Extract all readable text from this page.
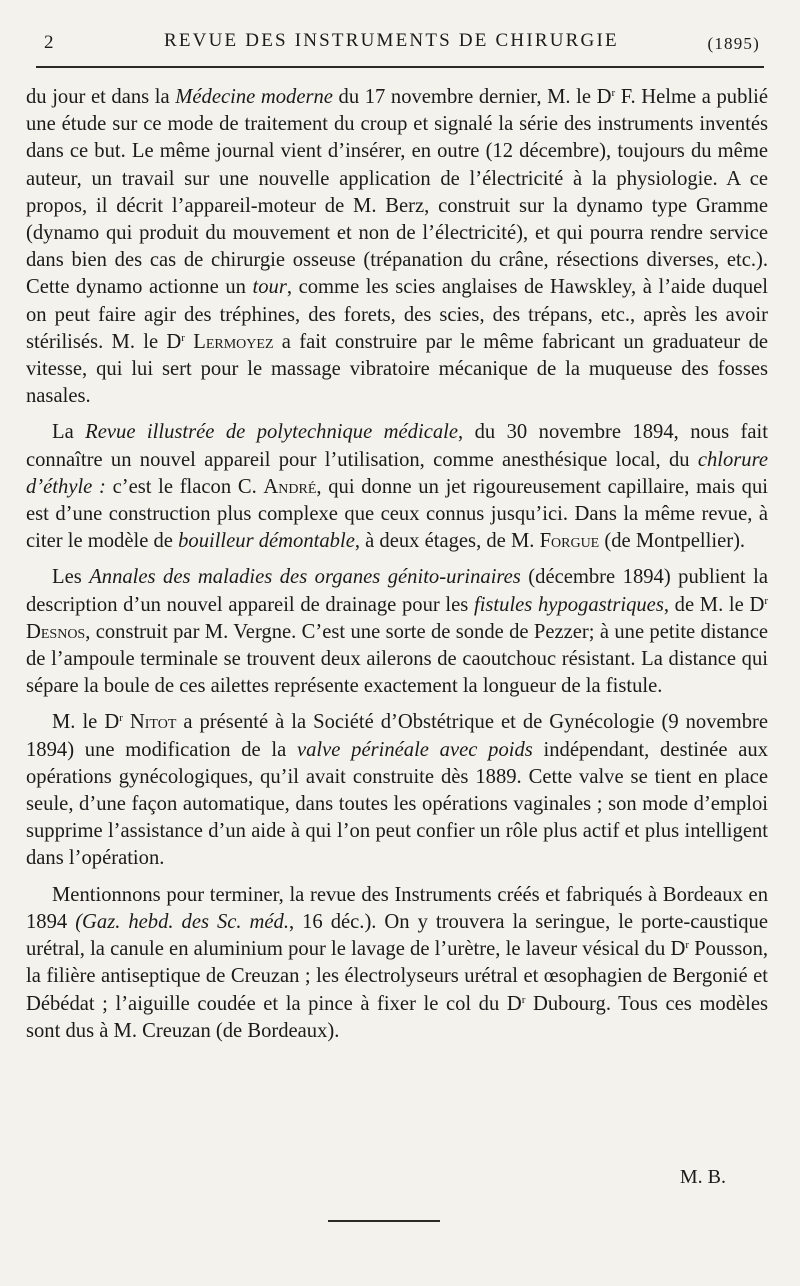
2	REVUE DES INSTRUMENTS DE CHIRURGIE	(1895)

du jour et dans la Médecine moderne du 17 novembre dernier, M. le $D^r$ F. Helme a publié une étude sur ce mode de traitement du croup et signalé la série des instruments inventés dans ce but. Le même journal vient d’insérer, en outre (12 décembre), toujours du même auteur, un travail sur une nouvelle application de l’électricité à la physiologie. A ce propos, il décrit l’appareil-moteur de M. Berz, construit sur la dynamo type Gramme (dynamo qui produit du mouvement et non de l’électricité), et qui pourra rendre service dans bien des cas de chirurgie osseuse (trépanation du crâne, résections diverses, etc.). Cette dynamo actionne un tour, comme les scies anglaises de Hawskley, à l’aide duquel on peut faire agir des tréphines, des forets, des scies, des trépans, etc., après les avoir stérilisés. M. le $D^r$ Lermoyez a fait construire par le même fabricant un graduateur de vitesse, qui lui sert pour le massage vibratoire mécanique de la muqueuse des fosses nasales.

La Revue illustrée de polytechnique médicale, du 30 novembre 1894, nous fait connaître un nouvel appareil pour l’utilisation, comme anesthésique local, du chlorure d’éthyle : c’est le flacon C. André, qui donne un jet rigoureusement capillaire, mais qui est d’une construction plus complexe que ceux connus jusqu’ici. Dans la même revue, à citer le modèle de bouilleur démontable, à deux étages, de M. Forgue (de Montpellier).

Les Annales des maladies des organes génito-urinaires (décembre 1894) publient la description d’un nouvel appareil de drainage pour les fistules hypogastriques, de M. le $D^r$ Desnos, construit par M. Vergne. C’est une sorte de sonde de Pezzer; à une petite distance de l’ampoule terminale se trouvent deux ailerons de caoutchouc résistant. La distance qui sépare la boule de ces ailettes représente exactement la longueur de la fistule.

M. le $D^r$ Nitot a présenté à la Société d’Obstétrique et de Gynécologie (9 novembre 1894) une modification de la valve périnéale avec poids indépendant, destinée aux opérations gynécologiques, qu’il avait construite dès 1889. Cette valve se tient en place seule, d’une façon automatique, dans toutes les opérations vaginales ; son mode d’emploi supprime l’assistance d’un aide à qui l’on peut confier un rôle plus actif et plus intelligent dans l’opération.

Mentionnons pour terminer, la revue des Instruments créés et fabriqués à Bordeaux en 1894 (Gaz. hebd. des Sc. méd., 16 déc.). On y trouvera la seringue, le porte-caustique urétral, la canule en aluminium pour le lavage de l’urètre, le laveur vésical du $D^r$ Pousson, la filière antiseptique de Creuzan ; les électrolyseurs urétral et œsophagien de Bergonié et Débédat ; l’aiguille coudée et la pince à fixer le col du $D^r$ Dubourg. Tous ces modèles sont dus à M. Creuzan (de Bordeaux).

M. B.
